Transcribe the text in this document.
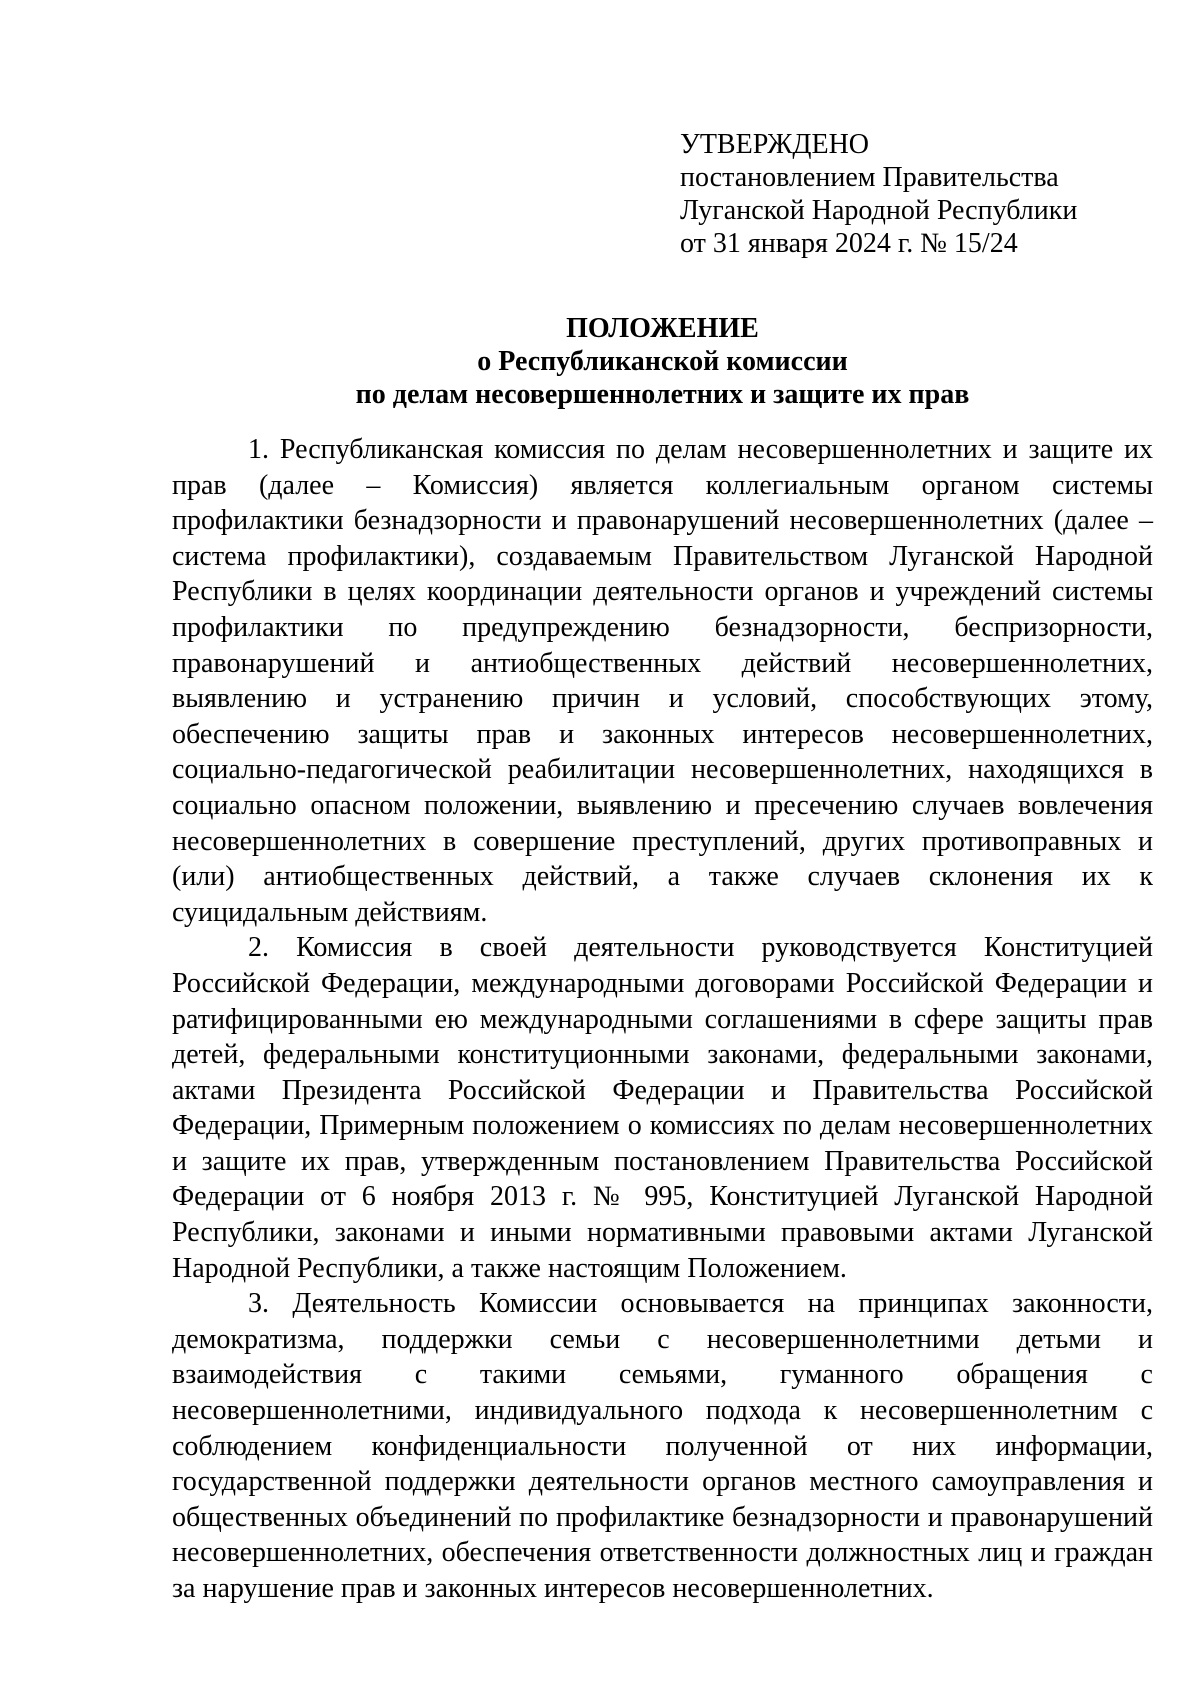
УТВЕРЖДЕНО
постановлением Правительства
Луганской Народной Республики
от 31 января 2024 г. № 15/24
ПОЛОЖЕНИЕ
о Республиканской комиссии
по делам несовершеннолетних и защите их прав

1. Республиканская комиссия по делам несовершеннолетних и защите их прав (далее – Комиссия) является коллегиальным органом системы профилактики безнадзорности и правонарушений несовершеннолетних (далее – система профилактики), создаваемым Правительством Луганской Народной Республики в целях координации деятельности органов и учреждений системы профилактики по предупреждению безнадзорности, беспризорности, правонарушений и антиобщественных действий несовершеннолетних, выявлению и устранению причин и условий, способствующих этому, обеспечению защиты прав и законных интересов несовершеннолетних, социально-педагогической реабилитации несовершеннолетних, находящихся в социально опасном положении, выявлению и пресечению случаев вовлечения несовершеннолетних в совершение преступлений, других противоправных и (или) антиобщественных действий, а также случаев склонения их к суицидальным действиям.

2. Комиссия в своей деятельности руководствуется Конституцией Российской Федерации, международными договорами Российской Федерации и ратифицированными ею международными соглашениями в сфере защиты прав детей, федеральными конституционными законами, федеральными законами, актами Президента Российской Федерации и Правительства Российской Федерации, Примерным положением о комиссиях по делам несовершеннолетних и защите их прав, утвержденным постановлением Правительства Российской Федерации от 6 ноября 2013 г. № 995, Конституцией Луганской Народной Республики, законами и иными нормативными правовыми актами Луганской Народной Республики, а также настоящим Положением.

3. Деятельность Комиссии основывается на принципах законности, демократизма, поддержки семьи с несовершеннолетними детьми и взаимодействия с такими семьями, гуманного обращения с несовершеннолетними, индивидуального подхода к несовершеннолетним с соблюдением конфиденциальности полученной от них информации, государственной поддержки деятельности органов местного самоуправления и общественных объединений по профилактике безнадзорности и правонарушений несовершеннолетних, обеспечения ответственности должностных лиц и граждан за нарушение прав и законных интересов несовершеннолетних.
